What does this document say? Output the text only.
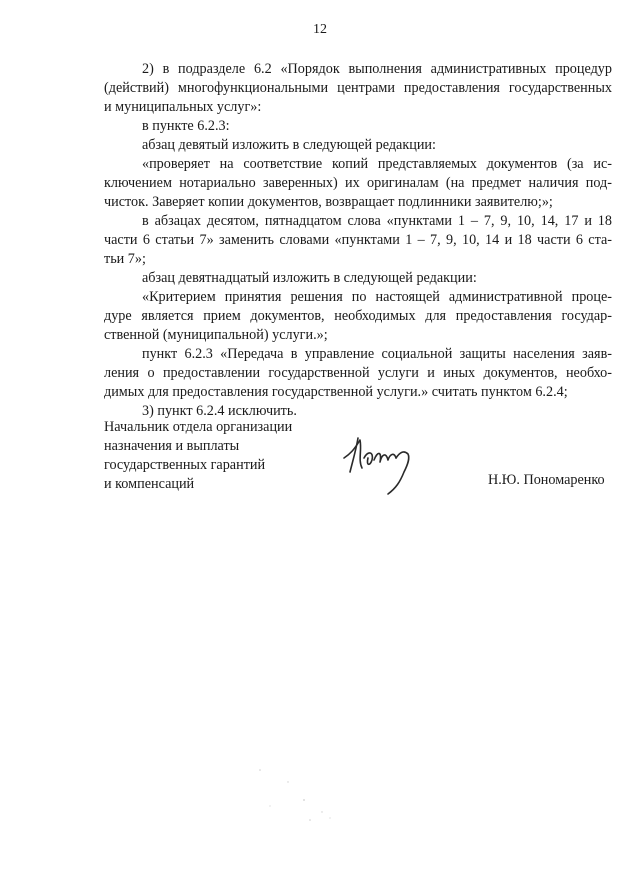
12
2) в подразделе 6.2 «Порядок выполнения административных процедур
(действий) многофункциональными центрами предоставления государственных
и муниципальных услуг»:
в пункте 6.2.3:
абзац девятый изложить в следующей редакции:
«проверяет на соответствие копий представляемых документов (за ис-
ключением нотариально заверенных) их оригиналам (на предмет наличия под-
чисток. Заверяет копии документов, возвращает подлинники заявителю;»;
в абзацах десятом, пятнадцатом слова «пунктами 1 – 7, 9, 10, 14, 17 и 18
части 6 статьи 7» заменить словами «пунктами 1 – 7, 9, 10, 14 и 18 части 6 ста-
тьи 7»;
абзац девятнадцатый изложить в следующей редакции:
«Критерием принятия решения по настоящей административной проце-
дуре является прием документов, необходимых для предоставления государ-
ственной (муниципальной) услуги.»;
пункт 6.2.3 «Передача в управление социальной защиты населения заяв-
ления о предоставлении государственной услуги и иных документов, необхо-
димых для предоставления государственной услуги.» считать пунктом 6.2.4;
3) пункт 6.2.4 исключить.
Начальник отдела организации
назначения и выплаты
государственных гарантий
и компенсаций	Н.Ю. Пономаренко
